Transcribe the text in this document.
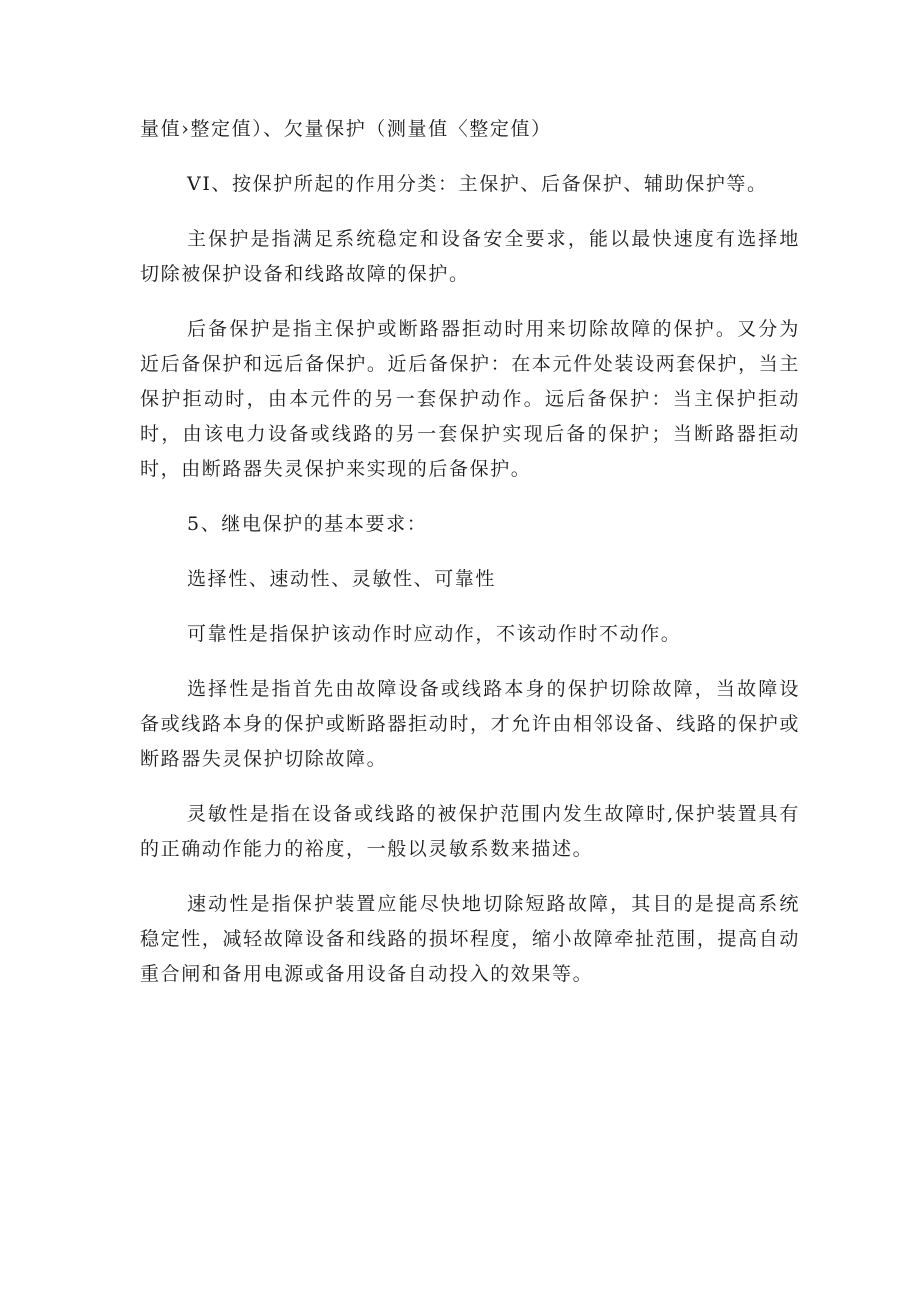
量值›整定值）、欠量保护（测量值〈整定值）

VI、按保护所起的作用分类：主保护、后备保护、辅助保护等。

主保护是指满足系统稳定和设备安全要求，能以最快速度有选择地切除被保护设备和线路故障的保护。

后备保护是指主保护或断路器拒动时用来切除故障的保护。又分为近后备保护和远后备保护。近后备保护：在本元件处装设两套保护，当主保护拒动时，由本元件的另一套保护动作。远后备保护：当主保护拒动时，由该电力设备或线路的另一套保护实现后备的保护；当断路器拒动时，由断路器失灵保护来实现的后备保护。

5、继电保护的基本要求：

选择性、速动性、灵敏性、可靠性

可靠性是指保护该动作时应动作，不该动作时不动作。

选择性是指首先由故障设备或线路本身的保护切除故障，当故障设备或线路本身的保护或断路器拒动时，才允许由相邻设备、线路的保护或断路器失灵保护切除故障。

灵敏性是指在设备或线路的被保护范围内发生故障时,保护装置具有的正确动作能力的裕度，一般以灵敏系数来描述。

速动性是指保护装置应能尽快地切除短路故障，其目的是提高系统稳定性，减轻故障设备和线路的损坏程度，缩小故障牵扯范围，提高自动重合闸和备用电源或备用设备自动投入的效果等。
